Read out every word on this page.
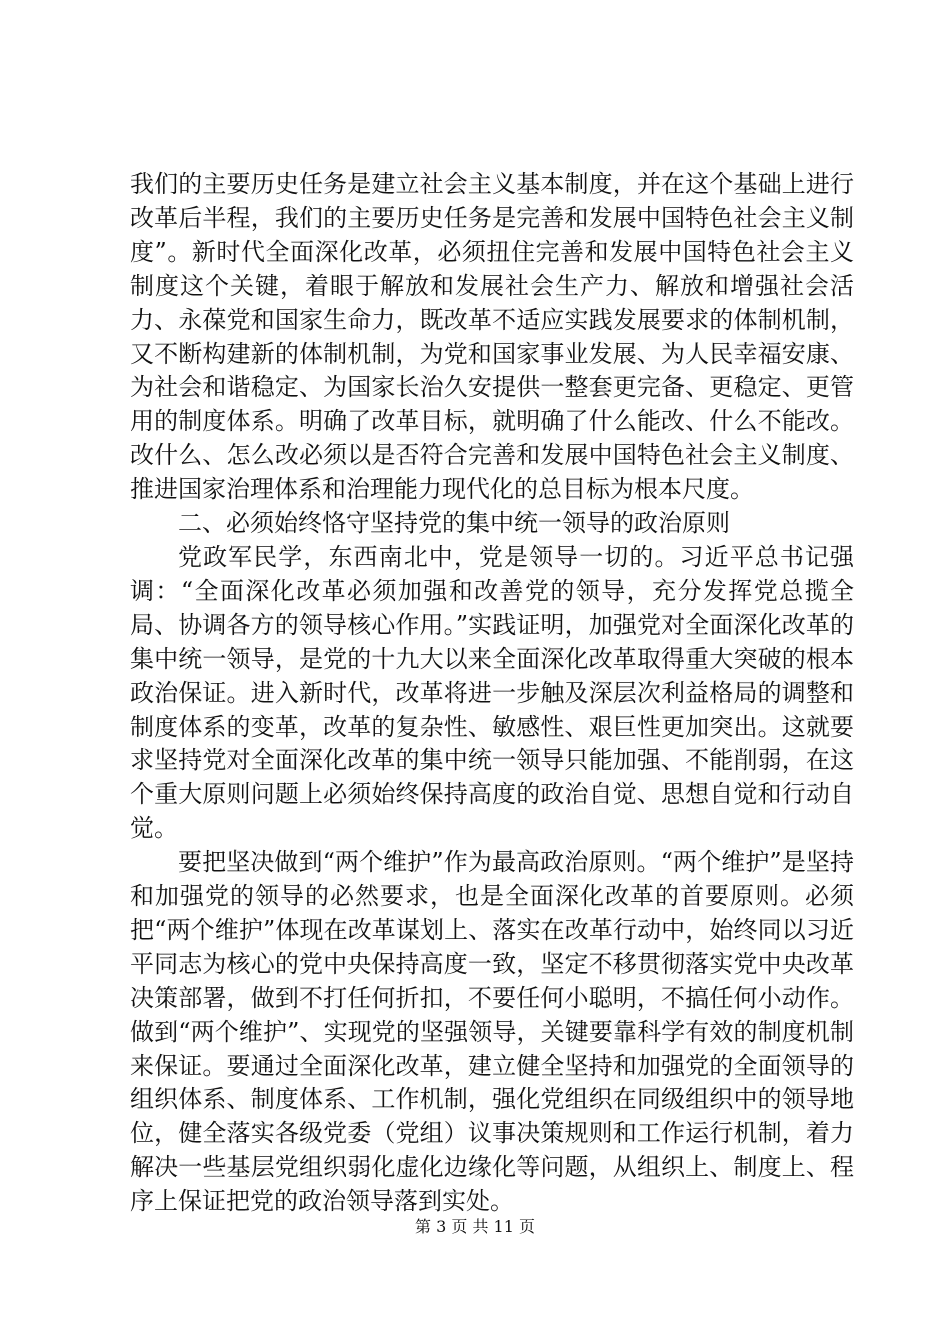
我们的主要历史任务是建立社会主义基本制度，并在这个基础上进行改革后半程，我们的主要历史任务是完善和发展中国特色社会主义制度”。新时代全面深化改革，必须扭住完善和发展中国特色社会主义制度这个关键，着眼于解放和发展社会生产力、解放和增强社会活力、永葆党和国家生命力，既改革不适应实践发展要求的体制机制，又不断构建新的体制机制，为党和国家事业发展、为人民幸福安康、为社会和谐稳定、为国家长治久安提供一整套更完备、更稳定、更管用的制度体系。明确了改革目标，就明确了什么能改、什么不能改。改什么、怎么改必须以是否符合完善和发展中国特色社会主义制度、推进国家治理体系和治理能力现代化的总目标为根本尺度。

二、必须始终恪守坚持党的集中统一领导的政治原则

党政军民学，东西南北中，党是领导一切的。习近平总书记强调：“全面深化改革必须加强和改善党的领导，充分发挥党总揽全局、协调各方的领导核心作用。”实践证明，加强党对全面深化改革的集中统一领导，是党的十九大以来全面深化改革取得重大突破的根本政治保证。进入新时代，改革将进一步触及深层次利益格局的调整和制度体系的变革，改革的复杂性、敏感性、艰巨性更加突出。这就要求坚持党对全面深化改革的集中统一领导只能加强、不能削弱，在这个重大原则问题上必须始终保持高度的政治自觉、思想自觉和行动自觉。

要把坚决做到“两个维护”作为最高政治原则。“两个维护”是坚持和加强党的领导的必然要求，也是全面深化改革的首要原则。必须把“两个维护”体现在改革谋划上、落实在改革行动中，始终同以习近平同志为核心的党中央保持高度一致，坚定不移贯彻落实党中央改革决策部署，做到不打任何折扣，不要任何小聪明，不搞任何小动作。做到“两个维护”、实现党的坚强领导，关键要靠科学有效的制度机制来保证。要通过全面深化改革，建立健全坚持和加强党的全面领导的组织体系、制度体系、工作机制，强化党组织在同级组织中的领导地位，健全落实各级党委（党组）议事决策规则和工作运行机制，着力解决一些基层党组织弱化虚化边缘化等问题，从组织上、制度上、程序上保证把党的政治领导落到实处。

第 3 页 共 11 页
